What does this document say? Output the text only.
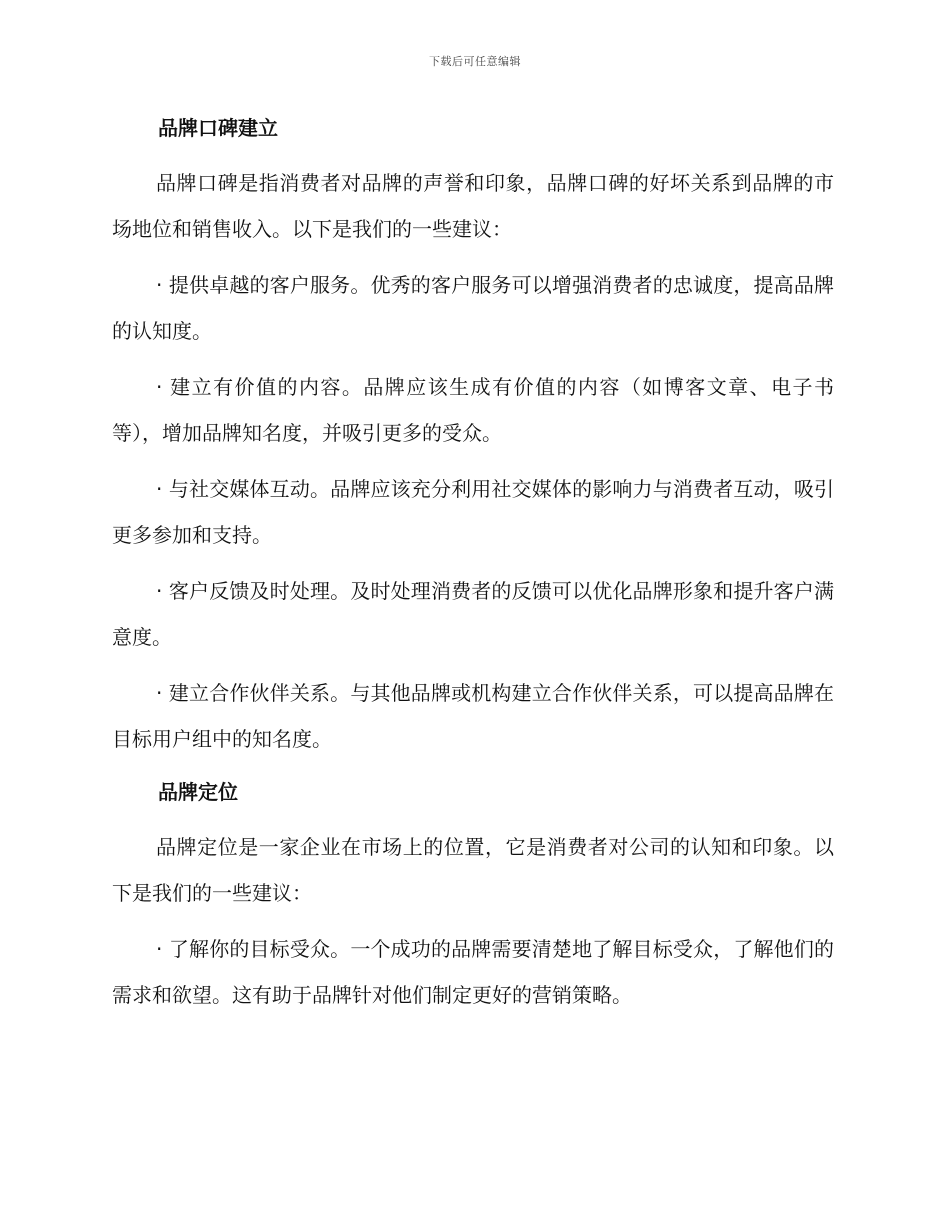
下载后可任意编辑
品牌口碑建立

品牌口碑是指消费者对品牌的声誉和印象，品牌口碑的好坏关系到品牌的市场地位和销售收入。以下是我们的一些建议：

· 提供卓越的客户服务。优秀的客户服务可以增强消费者的忠诚度，提高品牌的认知度。

· 建立有价值的内容。品牌应该生成有价值的内容（如博客文章、电子书等），增加品牌知名度，并吸引更多的受众。

· 与社交媒体互动。品牌应该充分利用社交媒体的影响力与消费者互动，吸引更多参加和支持。

· 客户反馈及时处理。及时处理消费者的反馈可以优化品牌形象和提升客户满意度。

· 建立合作伙伴关系。与其他品牌或机构建立合作伙伴关系，可以提高品牌在目标用户组中的知名度。

品牌定位

品牌定位是一家企业在市场上的位置，它是消费者对公司的认知和印象。以下是我们的一些建议：

· 了解你的目标受众。一个成功的品牌需要清楚地了解目标受众，了解他们的需求和欲望。这有助于品牌针对他们制定更好的营销策略。
